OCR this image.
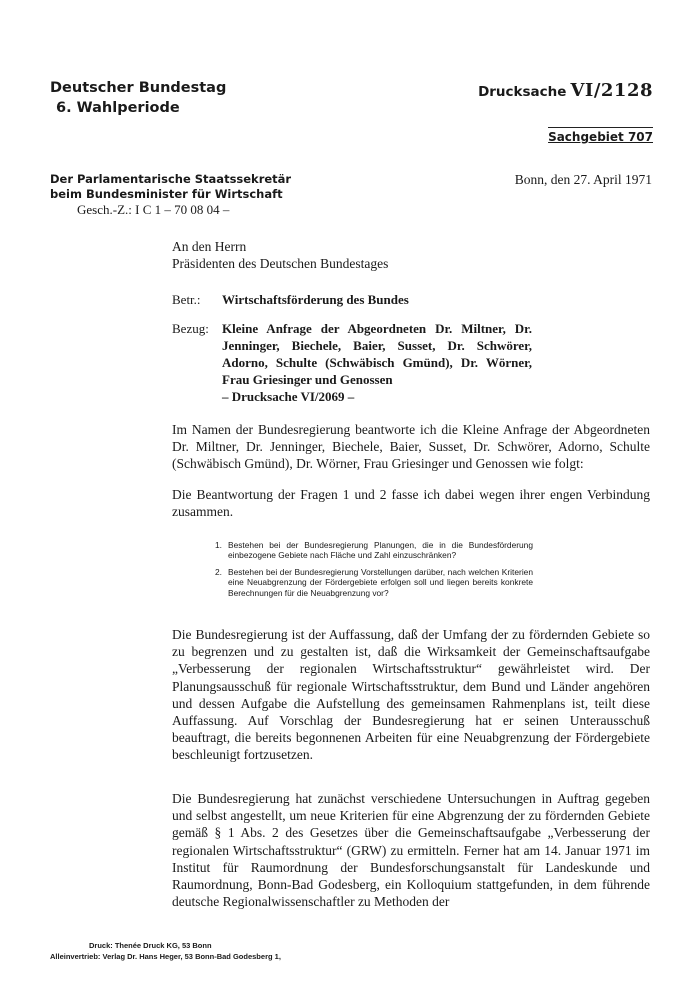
Deutscher Bundestag
6. Wahlperiode
Drucksache VI/2128
Sachgebiet 707
Der Parlamentarische Staatssekretär
beim Bundesminister für Wirtschaft
Gesch.-Z.: I C 1 – 70 08 04 –
Bonn, den 27. April 1971
An den Herrn
Präsidenten des Deutschen Bundestages
Betr.: Wirtschaftsförderung des Bundes
Bezug: Kleine Anfrage der Abgeordneten Dr. Miltner, Dr. Jenninger, Biechele, Baier, Susset, Dr. Schwörer, Adorno, Schulte (Schwäbisch Gmünd), Dr. Wörner, Frau Griesinger und Genossen
– Drucksache VI/2069 –

Im Namen der Bundesregierung beantworte ich die Kleine Anfrage der Abgeordneten Dr. Miltner, Dr. Jenninger, Biechele, Baier, Susset, Dr. Schwörer, Adorno, Schulte (Schwäbisch Gmünd), Dr. Wörner, Frau Griesinger und Genossen wie folgt:

Die Beantwortung der Fragen 1 und 2 fasse ich dabei wegen ihrer engen Verbindung zusammen.

1. Bestehen bei der Bundesregierung Planungen, die in die Bundesförderung einbezogene Gebiete nach Fläche und Zahl einzuschränken?
2. Bestehen bei der Bundesregierung Vorstellungen darüber, nach welchen Kriterien eine Neuabgrenzung der Fördergebiete erfolgen soll und liegen bereits konkrete Berechnungen für die Neuabgrenzung vor?

Die Bundesregierung ist der Auffassung, daß der Umfang der zu fördernden Gebiete so zu begrenzen und zu gestalten ist, daß die Wirksamkeit der Gemeinschaftsaufgabe „Verbesserung der regionalen Wirtschaftsstruktur“ gewährleistet wird. Der Planungsausschuß für regionale Wirtschaftsstruktur, dem Bund und Länder angehören und dessen Aufgabe die Aufstellung des gemeinsamen Rahmenplans ist, teilt diese Auffassung. Auf Vorschlag der Bundesregierung hat er seinen Unterausschuß beauftragt, die bereits begonnenen Arbeiten für eine Neuabgrenzung der Fördergebiete beschleunigt fortzusetzen.

Die Bundesregierung hat zunächst verschiedene Untersuchungen in Auftrag gegeben und selbst angestellt, um neue Kriterien für eine Abgrenzung der zu fördernden Gebiete gemäß § 1 Abs. 2 des Gesetzes über die Gemeinschaftsaufgabe „Verbesserung der regionalen Wirtschaftsstruktur“ (GRW) zu ermitteln. Ferner hat am 14. Januar 1971 im Institut für Raumordnung der Bundesforschungsanstalt für Landeskunde und Raumordnung, Bonn-Bad Godesberg, ein Kolloquium stattgefunden, in dem führende deutsche Regionalwissenschaftler zu Methoden der

Druck: Thenée Druck KG, 53 Bonn
Alleinvertrieb: Verlag Dr. Hans Heger, 53 Bonn-Bad Godesberg 1,
